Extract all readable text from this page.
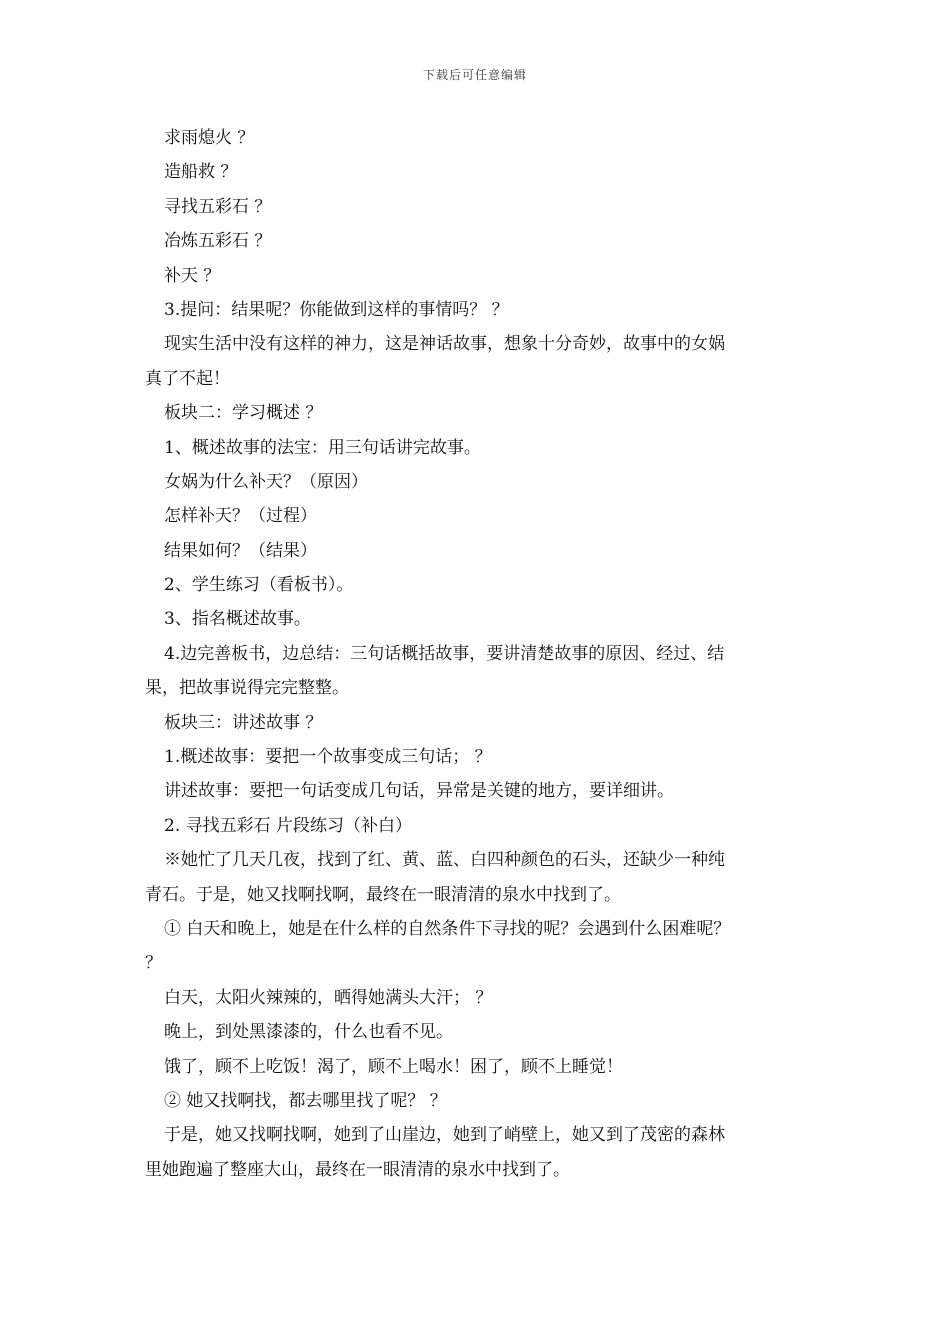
下载后可任意编辑
求雨熄火 ？
造船救 ？
寻找五彩石 ？
冶炼五彩石 ？
补天 ？
3.提问：结果呢？你能做到这样的事情吗？ ？
现实生活中没有这样的神力，这是神话故事，想象十分奇妙，故事中的女娲
真了不起！
板块二：学习概述 ？
1、概述故事的法宝：用三句话讲完故事。
女娲为什么补天？（原因）
怎样补天？（过程）
结果如何？（结果）
2、学生练习（看板书）。
3、指名概述故事。
4.边完善板书，边总结：三句话概括故事，要讲清楚故事的原因、经过、结
果，把故事说得完完整整。
板块三：讲述故事 ？
1.概述故事：要把一个故事变成三句话； ？
讲述故事：要把一句话变成几句话，异常是关键的地方，要详细讲。
2. 寻找五彩石 片段练习（补白）
※她忙了几天几夜，找到了红、黄、蓝、白四种颜色的石头，还缺少一种纯
青石。于是，她又找啊找啊，最终在一眼清清的泉水中找到了。
① 白天和晚上，她是在什么样的自然条件下寻找的呢？会遇到什么困难呢？
？
白天，太阳火辣辣的，晒得她满头大汗； ？
晚上，到处黑漆漆的，什么也看不见。
饿了，顾不上吃饭！渴了，顾不上喝水！困了，顾不上睡觉！
② 她又找啊找，都去哪里找了呢？ ？
于是，她又找啊找啊，她到了山崖边，她到了峭壁上，她又到了茂密的森林
里她跑遍了整座大山，最终在一眼清清的泉水中找到了。
